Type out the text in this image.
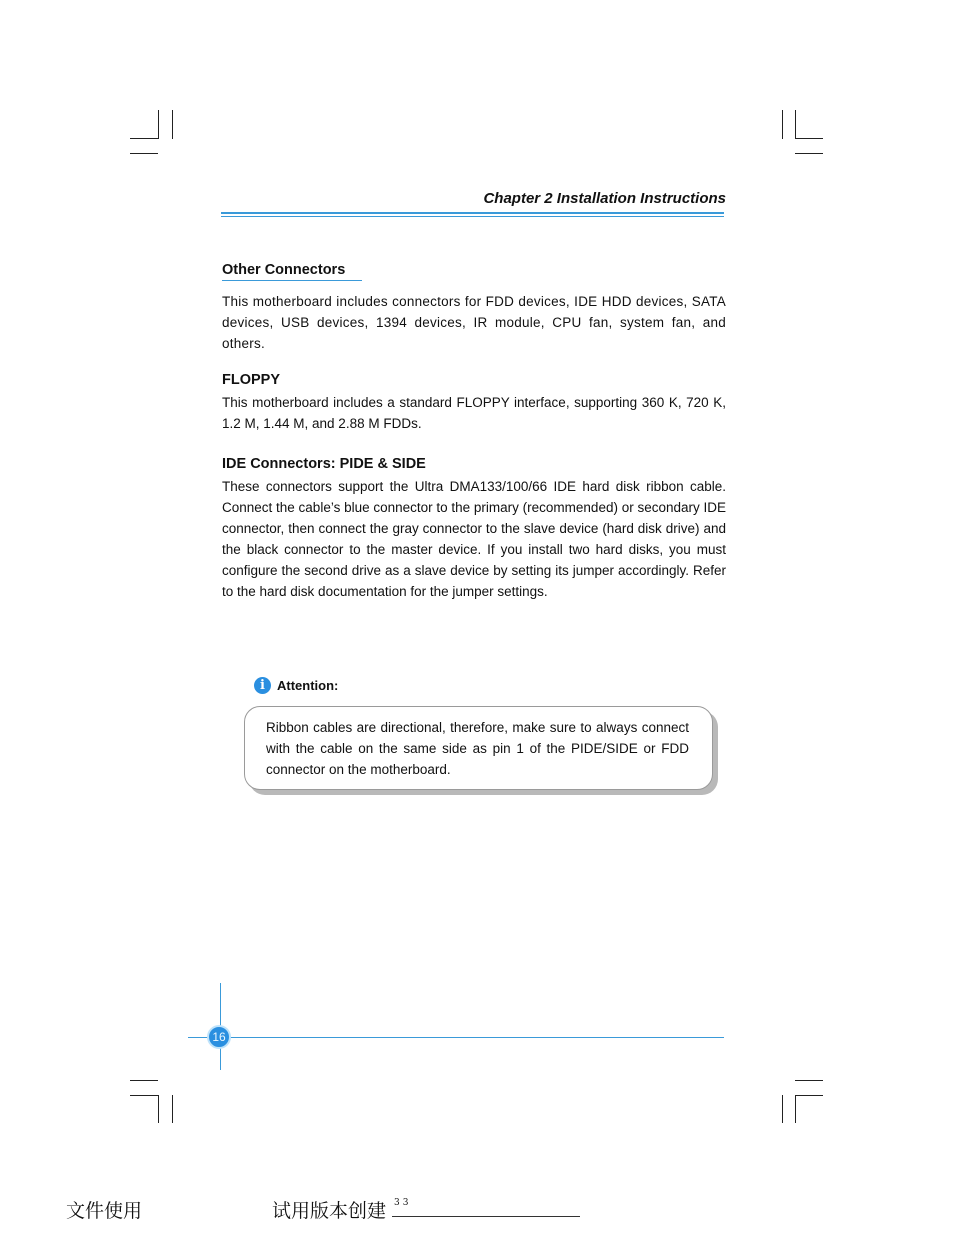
Chapter 2 Installation Instructions
Other Connectors
This motherboard includes connectors for FDD devices, IDE HDD devices, SATA devices, USB devices, 1394 devices, IR module, CPU fan, system fan, and others.
FLOPPY
This motherboard includes a standard FLOPPY interface, supporting 360 K, 720 K, 1.2 M, 1.44 M, and 2.88 M FDDs.
IDE Connectors: PIDE & SIDE
These connectors support the Ultra DMA133/100/66 IDE hard disk ribbon cable. Connect the cable’s blue connector to the primary (recommended) or secondary IDE connector, then connect the gray connector to the slave device (hard disk drive) and the black connector to the master device. If you install two hard disks, you must configure the second drive as a slave device by setting its jumper accordingly. Refer to the hard disk documentation for the jumper settings.
i Attention:
Ribbon cables are directional, therefore, make sure to always connect with the cable on the same side as pin 1 of the PIDE/SIDE or FDD connector on the motherboard.
16
文件使用	试用版本创建 33
